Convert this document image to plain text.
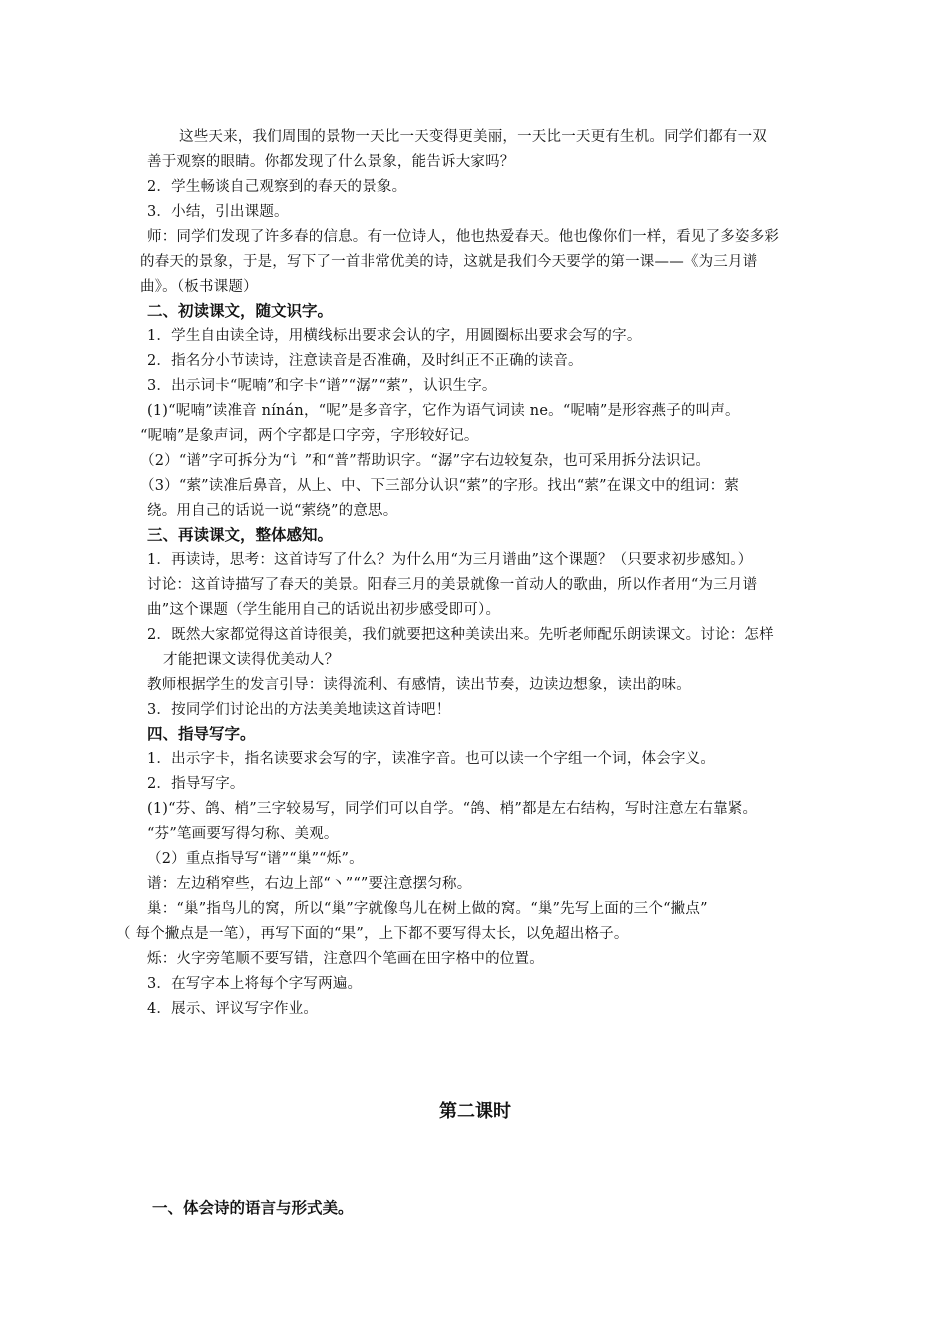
这些天来，我们周围的景物一天比一天变得更美丽，一天比一天更有生机。同学们都有一双
善于观察的眼睛。你都发现了什么景象，能告诉大家吗？
2．学生畅谈自己观察到的春天的景象。
3．小结，引出课题。
师：同学们发现了许多春的信息。有一位诗人，他也热爱春天。他也像你们一样，看见了多姿多彩
的春天的景象，于是，写下了一首非常优美的诗，这就是我们今天要学的第一课——《为三月谱
曲》。（板书课题）
二、初读课文，随文识字。
1．学生自由读全诗，用横线标出要求会认的字，用圆圈标出要求会写的字。
2．指名分小节读诗，注意读音是否准确，及时纠正不正确的读音。
3．出示词卡“呢喃”和字卡“谱”“潺”“萦”，认识生字。
(1)“呢喃”读准音 nínán，“呢”是多音字，它作为语气词读 ne。“呢喃”是形容燕子的叫声。
“呢喃”是象声词，两个字都是口字旁，字形较好记。
（2）“谱”字可拆分为“讠”和“普”帮助识字。“潺”字右边较复杂，也可采用拆分法识记。
（3）“萦”读准后鼻音，从上、中、下三部分认识“萦”的字形。找出“萦”在课文中的组词：萦
绕。用自己的话说一说“萦绕”的意思。
三、再读课文，整体感知。
1．再读诗，思考：这首诗写了什么？为什么用“为三月谱曲”这个课题？（只要求初步感知。）
讨论：这首诗描写了春天的美景。阳春三月的美景就像一首动人的歌曲，所以作者用“为三月谱
曲”这个课题（学生能用自己的话说出初步感受即可）。
2．既然大家都觉得这首诗很美，我们就要把这种美读出来。先听老师配乐朗读课文。讨论：怎样
才能把课文读得优美动人？
教师根据学生的发言引导：读得流利、有感情，读出节奏，边读边想象，读出韵味。
3．按同学们讨论出的方法美美地读这首诗吧！
四、指导写字。
1．出示字卡，指名读要求会写的字，读准字音。也可以读一个字组一个词，体会字义。
2．指导写字。
(1)“芬、鸽、梢”三字较易写，同学们可以自学。“鸽、梢”都是左右结构，写时注意左右靠紧。
“芬”笔画要写得匀称、美观。
（2）重点指导写“谱”“巢”“烁”。
谱：左边稍窄些，右边上部“丶”“”要注意摆匀称。
巢：“巢”指鸟儿的窝，所以“巢”字就像鸟儿在树上做的窝。“巢”先写上面的三个“撇点”
（ 每个撇点是一笔），再写下面的“果”，上下都不要写得太长，以免超出格子。
烁：火字旁笔顺不要写错，注意四个笔画在田字格中的位置。
3．在写字本上将每个字写两遍。
4．展示、评议写字作业。
第二课时
一、体会诗的语言与形式美。
